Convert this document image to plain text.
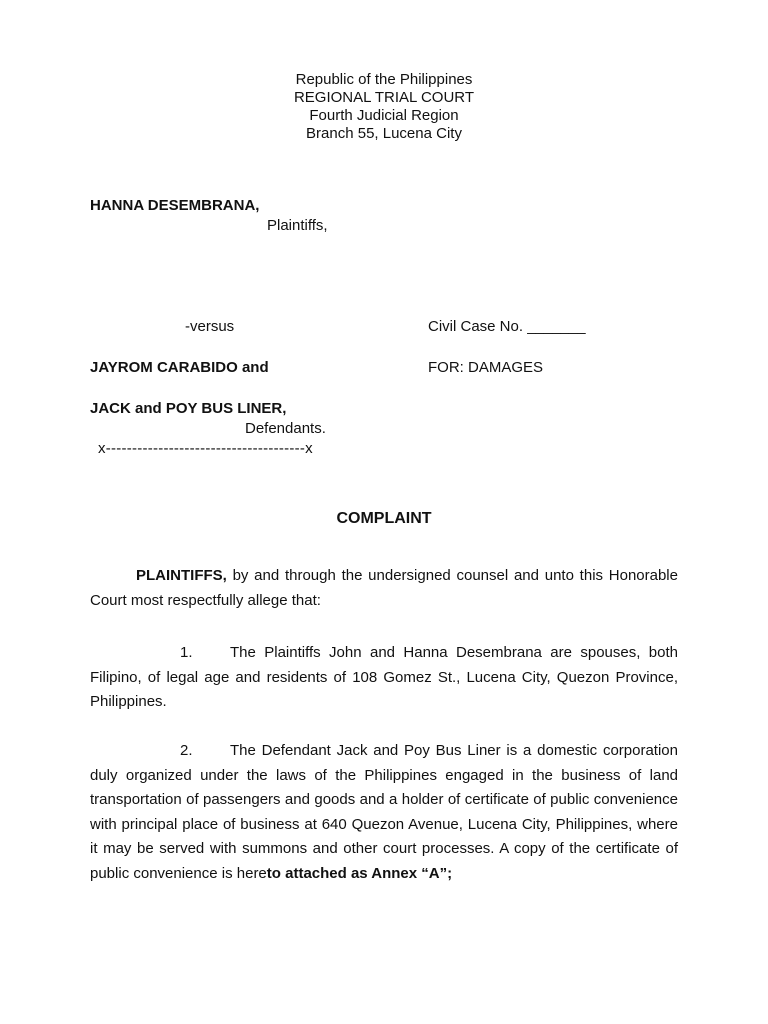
Republic of the Philippines
REGIONAL TRIAL COURT
Fourth Judicial Region
Branch 55, Lucena City
HANNA DESEMBRANA,
Plaintiffs,
-versus	Civil Case No. _______
JAYROM CARABIDO and	FOR: DAMAGES
JACK and POY BUS LINER,
Defendants.
x--------------------------------------x
COMPLAINT
PLAINTIFFS, by and through the undersigned counsel and unto this Honorable Court most respectfully allege that:
1. The Plaintiffs John and Hanna Desembrana are spouses, both Filipino, of legal age and residents of 108 Gomez St., Lucena City, Quezon Province, Philippines.
2. The Defendant Jack and Poy Bus Liner is a domestic corporation duly organized under the laws of the Philippines engaged in the business of land transportation of passengers and goods and a holder of certificate of public convenience with principal place of business at 640 Quezon Avenue, Lucena City, Philippines, where it may be served with summons and other court processes. A copy of the certificate of public convenience is hereto attached as Annex “A”;
